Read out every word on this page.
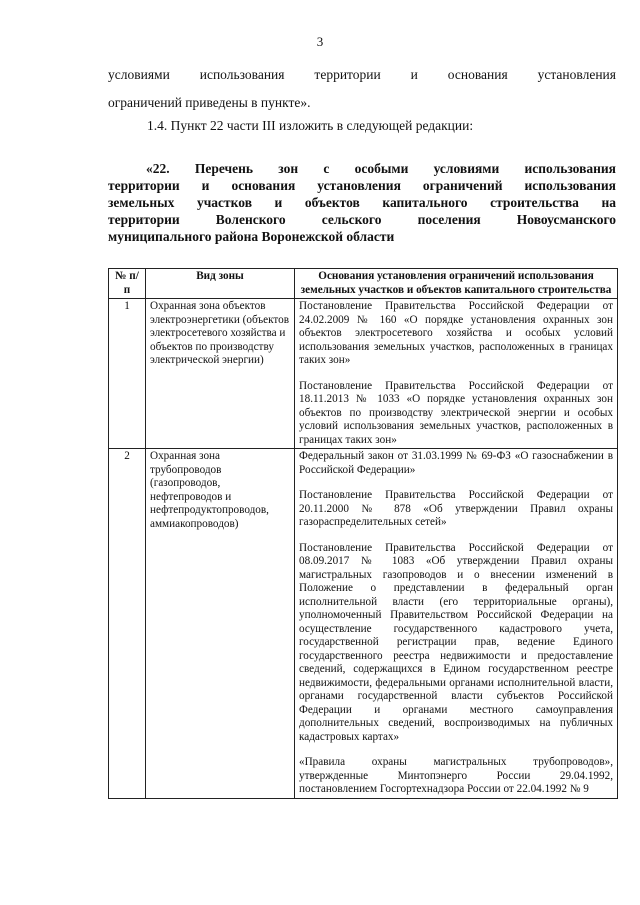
3
условиями использования территории и основания установления
ограничений приведены в пункте».
1.4. Пункт 22 части III изложить в следующей редакции:
«22. Перечень зон с особыми условиями использования
территории и основания установления ограничений использования
земельных участков и объектов капитального строительства на
территории Воленского сельского поселения Новоусманского
муниципального района Воронежской области
№ п/п	Вид зоны	Основания установления ограничений использования земельных участков и объектов капитального строительства
1	Охранная зона объектов электроэнергетики (объектов электросетевого хозяйства и объектов по производству электрической энергии)	Постановление Правительства Российской Федерации от 24.02.2009 № 160 «О порядке установления охранных зон объектов электросетевого хозяйства и особых условий использования земельных участков, расположенных в границах таких зон»

Постановление Правительства Российской Федерации от 18.11.2013 № 1033 «О порядке установления охранных зон объектов по производству электрической энергии и особых условий использования земельных участков, расположенных в границах таких зон»

2	Охранная зона трубопроводов (газопроводов, нефтепроводов и нефтепродуктопроводов, аммиакопроводов)	Федеральный закон от 31.03.1999 № 69-ФЗ «О газоснабжении в Российской Федерации»

Постановление Правительства Российской Федерации от 20.11.2000 № 878 «Об утверждении Правил охраны газораспределительных сетей»

Постановление Правительства Российской Федерации от 08.09.2017 № 1083 «Об утверждении Правил охраны магистральных газопроводов и о внесении изменений в Положение о представлении в федеральный орган исполнительной власти (его территориальные органы), уполномоченный Правительством Российской Федерации на осуществление государственного кадастрового учета, государственной регистрации прав, ведение Единого государственного реестра недвижимости и предоставление сведений, содержащихся в Едином государственном реестре недвижимости, федеральными органами исполнительной власти, органами государственной власти субъектов Российской Федерации и органами местного самоуправления дополнительных сведений, воспроизводимых на публичных кадастровых картах»

«Правила охраны магистральных трубопроводов», утвержденные Минтопэнерго России 29.04.1992, постановлением Госгортехнадзора России от 22.04.1992 № 9
